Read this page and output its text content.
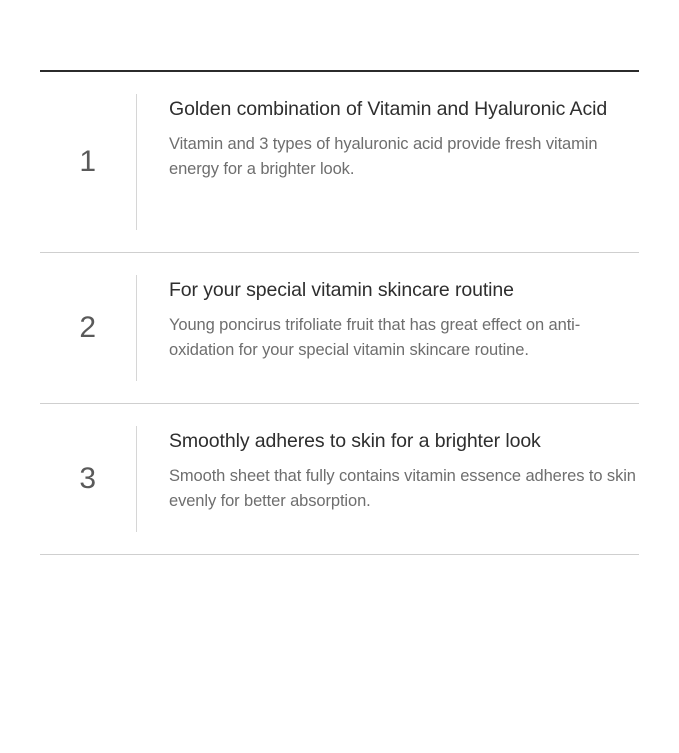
1

Golden combination of Vitamin and Hyaluronic Acid

Vitamin and 3 types of hyaluronic acid provide fresh vitamin energy for a brighter look.

2

For your special vitamin skincare routine

Young poncirus trifoliate fruit that has great effect on anti-oxidation for your special vitamin skincare routine.

3

Smoothly adheres to skin for a brighter look

Smooth sheet that fully contains vitamin essence adheres to skin evenly for better absorption.
